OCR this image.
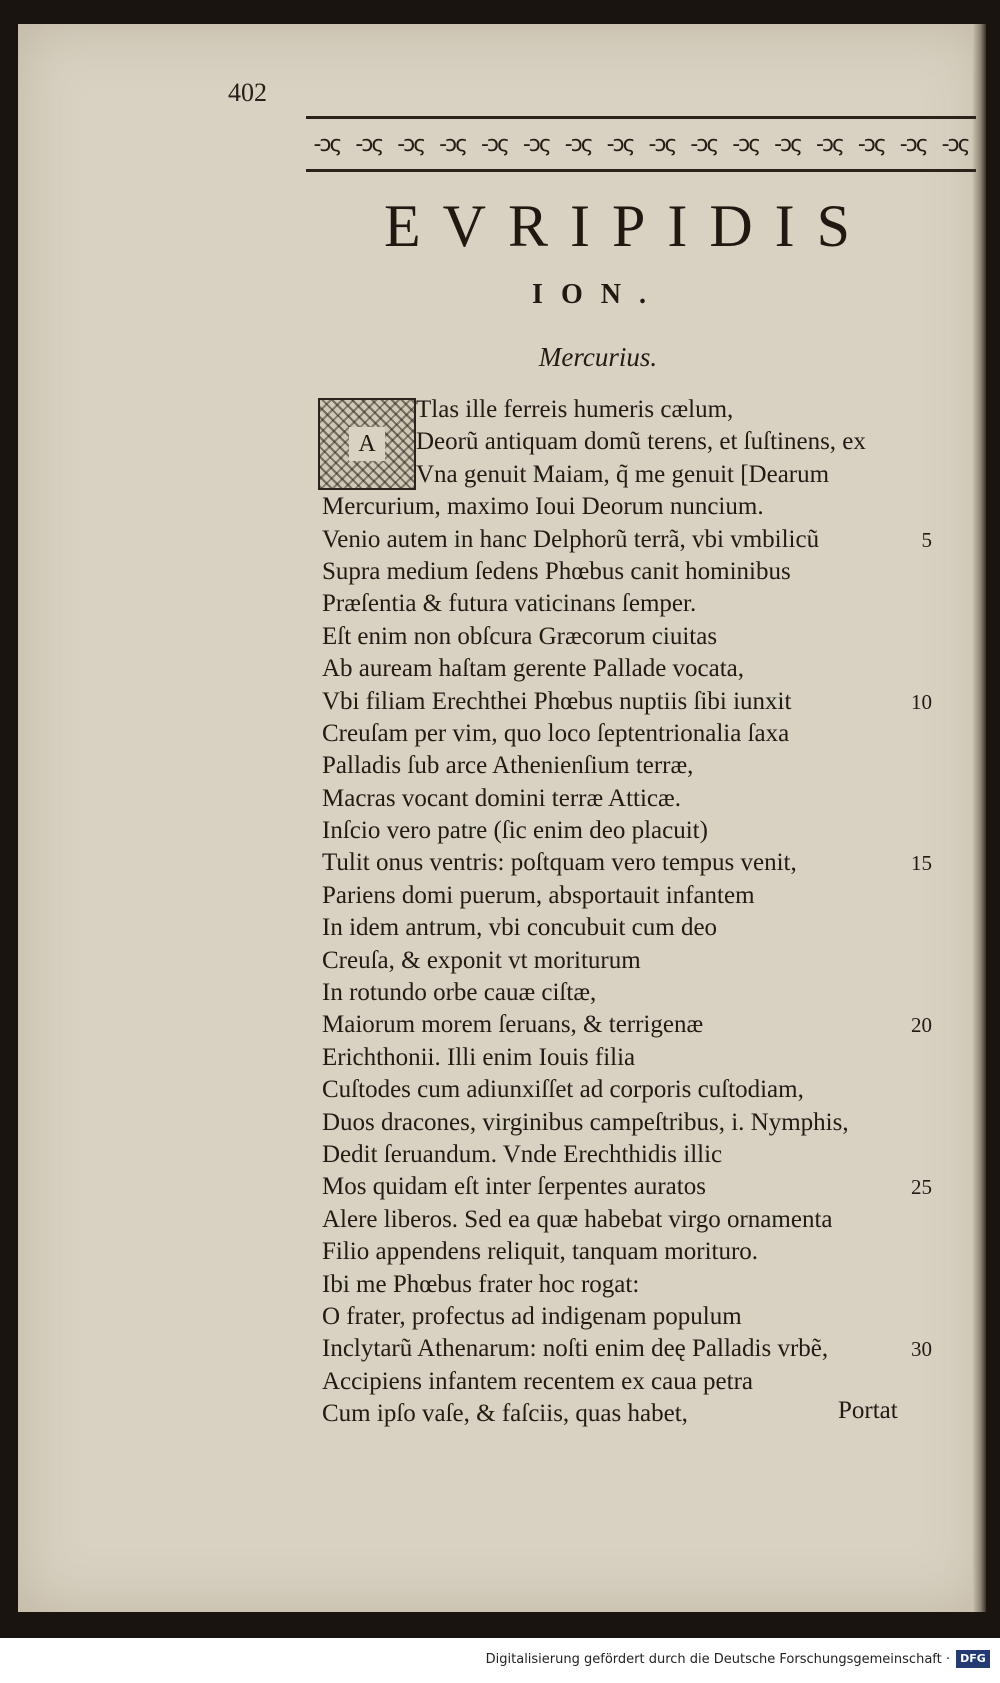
402
-ↄς -ↄς -ↄς -ↄς -ↄς -ↄς -ↄς -ↄς -ↄς -ↄς -ↄς -ↄς -ↄς -ↄς -ↄς -ↄς
EVRIPIDIS
ION.
Mercurius.
A
Tlas ille ferreis humeris cælum,
Deorũ antiquam domũ terens, et ſuſtinens, ex
Vna genuit Maiam, q̃ me genuit [Dearum
Mercurium, maximo Ioui Deorum nuncium.
Venio autem in hanc Delphorũ terrã, vbi vmbilicũ	5
Supra medium ſedens Phœbus canit hominibus
Præſentia & futura vaticinans ſemper.
Eſt enim non obſcura Græcorum ciuitas
Ab auream haſtam gerente Pallade vocata,
Vbi filiam Erechthei Phœbus nuptiis ſibi iunxit	10
Creuſam per vim, quo loco ſeptentrionalia ſaxa
Palladis ſub arce Athenienſium terræ,
Macras vocant domini terræ Atticæ.
Inſcio vero patre (ſic enim deo placuit)
Tulit onus ventris: poſtquam vero tempus venit,	15
Pariens domi puerum, absportauit infantem
In idem antrum, vbi concubuit cum deo
Creuſa, & exponit vt moriturum
In rotundo orbe cauæ ciſtæ,
Maiorum morem ſeruans, & terrigenæ	20
Erichthonii. Illi enim Iouis filia
Cuſtodes cum adiunxiſſet ad corporis cuſtodiam,
Duos dracones, virginibus campeſtribus, i. Nymphis,
Dedit ſeruandum. Vnde Erechthidis illic
Mos quidam eſt inter ſerpentes auratos	25
Alere liberos. Sed ea quæ habebat virgo ornamenta
Filio appendens reliquit, tanquam morituro.
Ibi me Phœbus frater hoc rogat:
O frater, profectus ad indigenam populum
Inclytarũ Athenarum: noſti enim deę Palladis vrbẽ,	30
Accipiens infantem recentem ex caua petra
Cum ipſo vaſe, & faſciis, quas habet,	Portat
Digitalisierung gefördert durch die Deutsche Forschungsgemeinschaft · DFG
